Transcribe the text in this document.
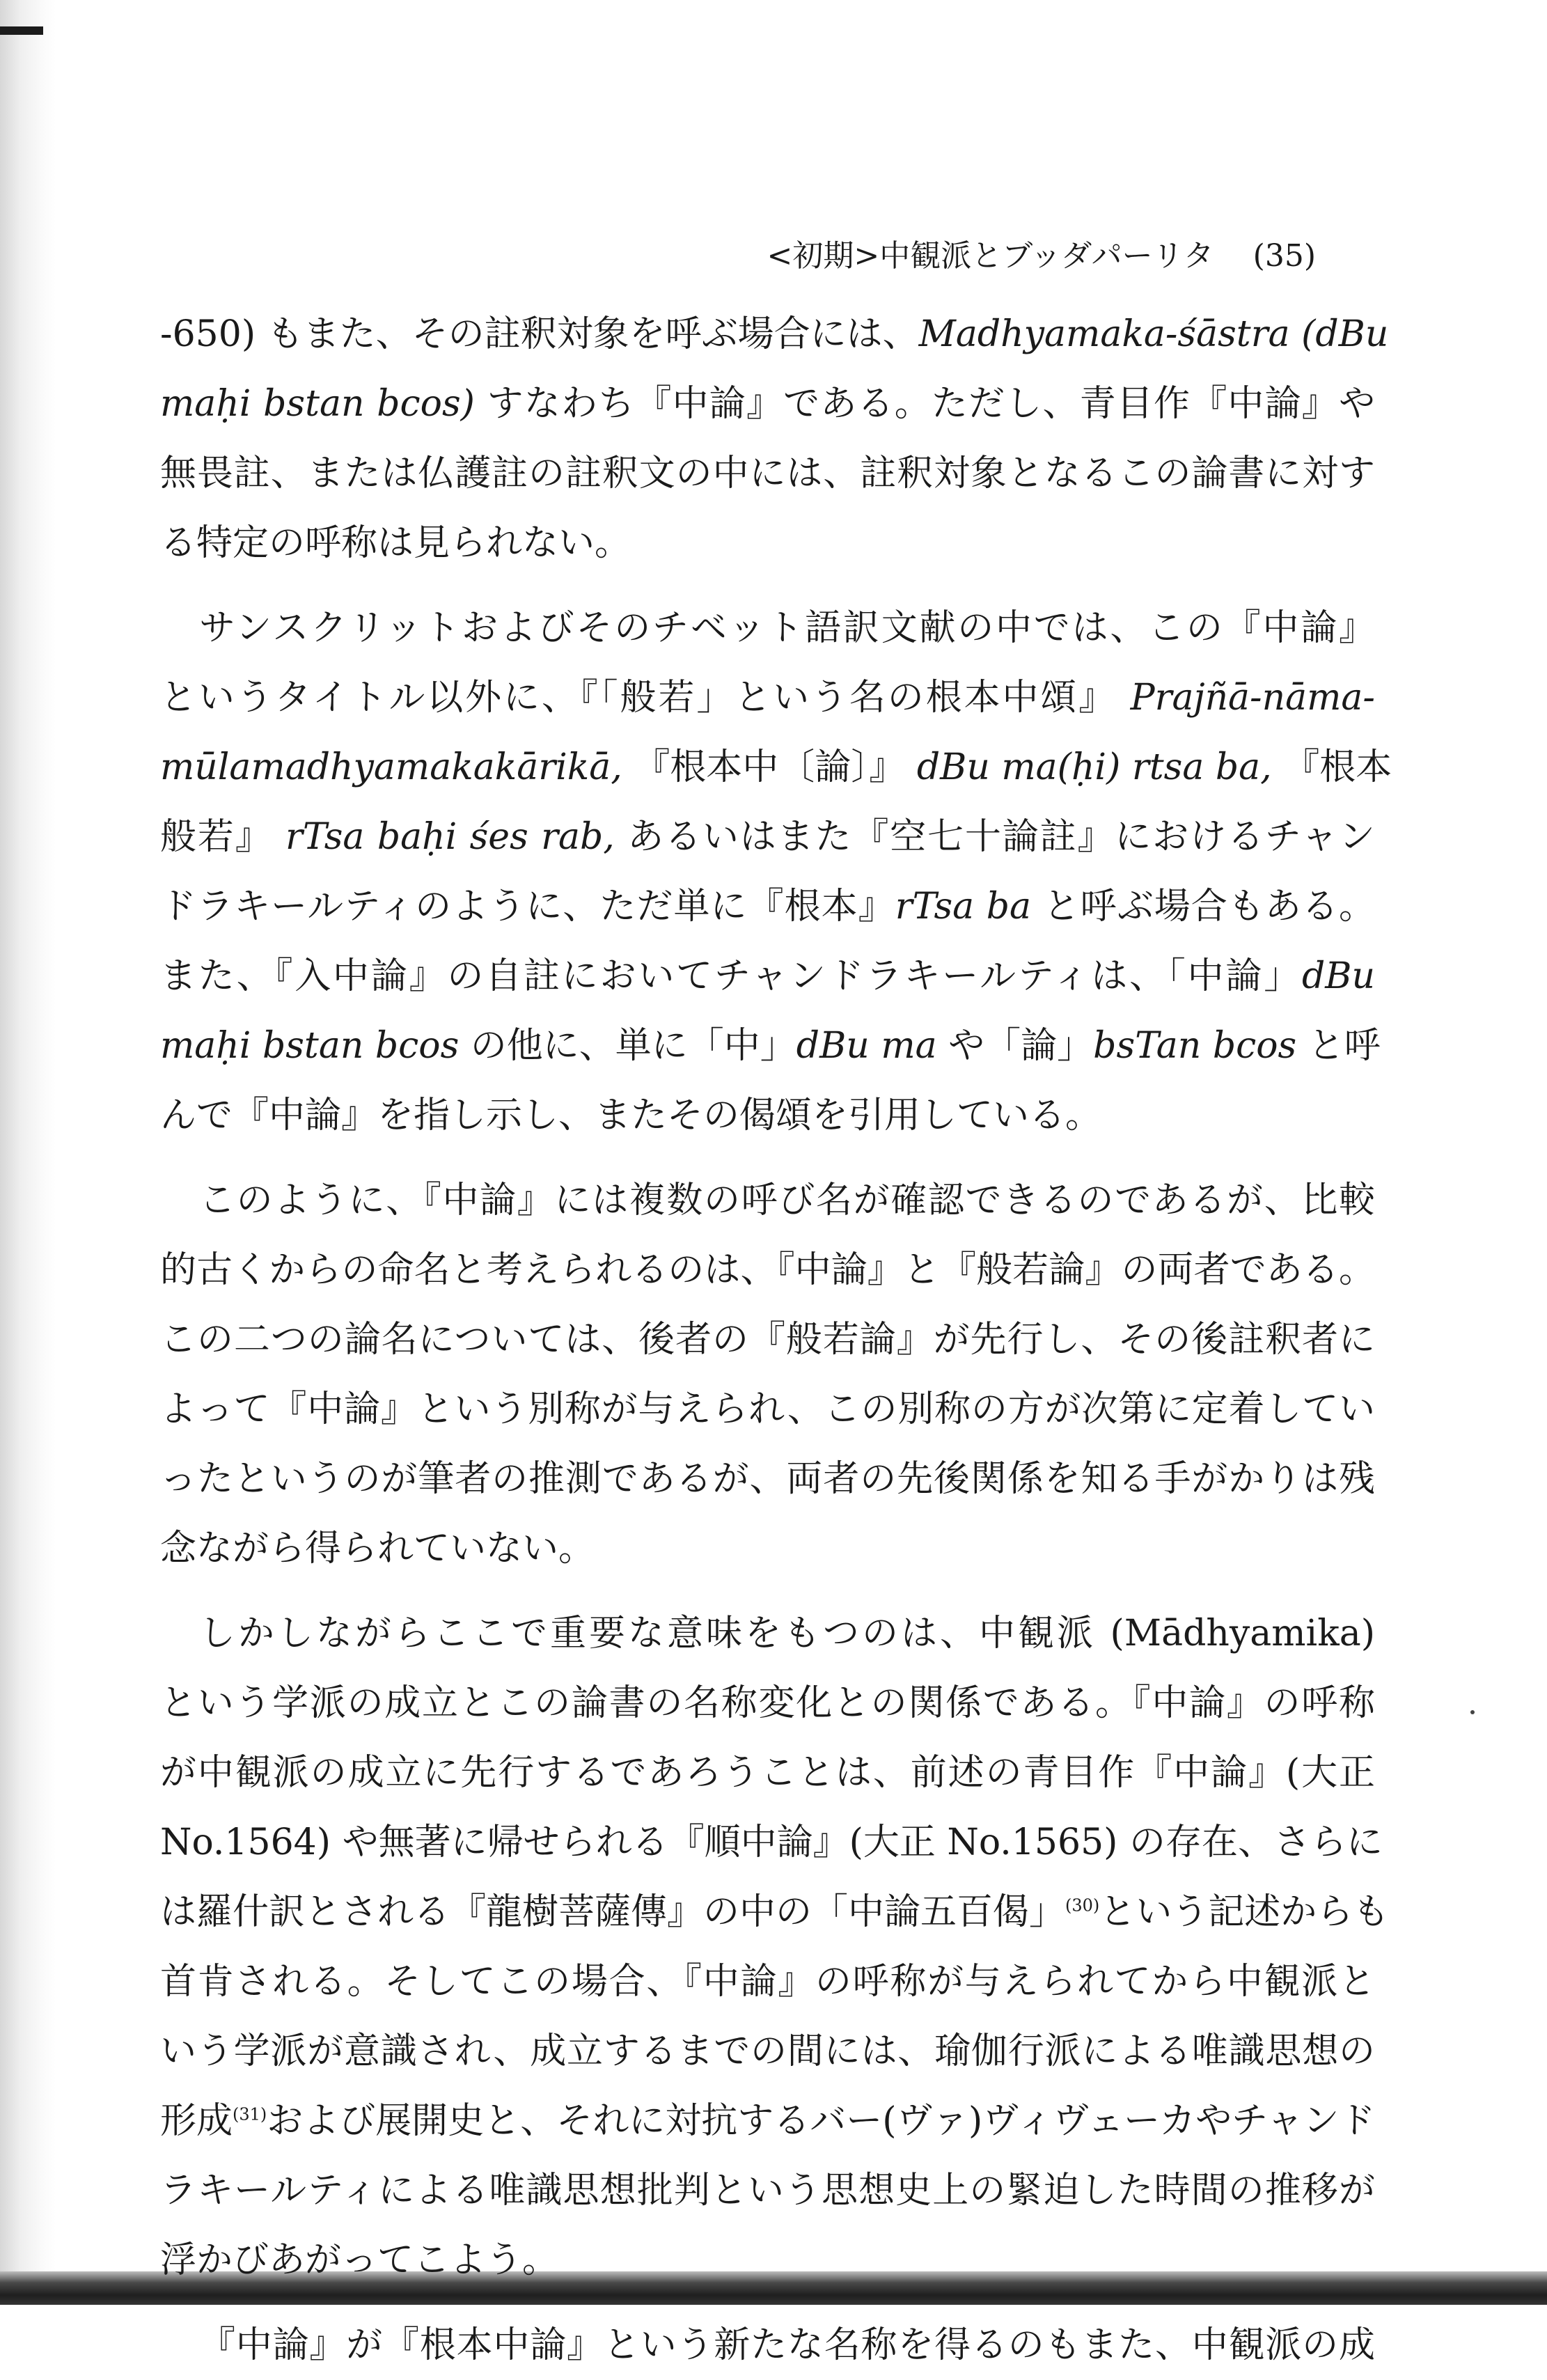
<初期>中観派とブッダパーリタ (35)
-650) もまた、その註釈対象を呼ぶ場合には、Madhyamaka-śāstra (dBu
maḥi bstan bcos) すなわち『中論』である。ただし、青目作『中論』や
無畏註、または仏護註の註釈文の中には、註釈対象となるこの論書に対す
る特定の呼称は見られない。
サンスクリットおよびそのチベット語訳文献の中では、この『中論』
というタイトル以外に、『「般若」という名の根本中頌』 Prajñā-nāma-
mūlamadhyamakakārikā, 『根本中〔論〕』 dBu ma(ḥi) rtsa ba, 『根本
般若』 rTsa baḥi śes rab, あるいはまた『空七十論註』におけるチャン
ドラキールティのように、ただ単に『根本』rTsa ba と呼ぶ場合もある。
また、『入中論』の自註においてチャンドラキールティは、「中論」dBu
maḥi bstan bcos の他に、単に「中」dBu ma や「論」bsTan bcos と呼
んで『中論』を指し示し、またその偈頌を引用している。
このように、『中論』には複数の呼び名が確認できるのであるが、比較
的古くからの命名と考えられるのは、『中論』と『般若論』の両者である。
この二つの論名については、後者の『般若論』が先行し、その後註釈者に
よって『中論』という別称が与えられ、この別称の方が次第に定着してい
ったというのが筆者の推測であるが、両者の先後関係を知る手がかりは残
念ながら得られていない。
しかしながらここで重要な意味をもつのは、中観派 (Mādhyamika)
という学派の成立とこの論書の名称変化との関係である。『中論』の呼称
が中観派の成立に先行するであろうことは、前述の青目作『中論』(大正
No.1564) や無著に帰せられる『順中論』(大正 No.1565) の存在、さらに
は羅什訳とされる『龍樹菩薩傳』の中の「中論五百偈」$^{(30)}$という記述からも
首肯される。そしてこの場合、『中論』の呼称が与えられてから中観派と
いう学派が意識され、成立するまでの間には、瑜伽行派による唯識思想の
形成$^{(31)}$および展開史と、それに対抗するバー(ヴァ)ヴィヴェーカやチャンド
ラキールティによる唯識思想批判という思想史上の緊迫した時間の推移が
浮かびあがってこよう。
『中論』が『根本中論』という新たな名称を得るのもまた、中観派の成
